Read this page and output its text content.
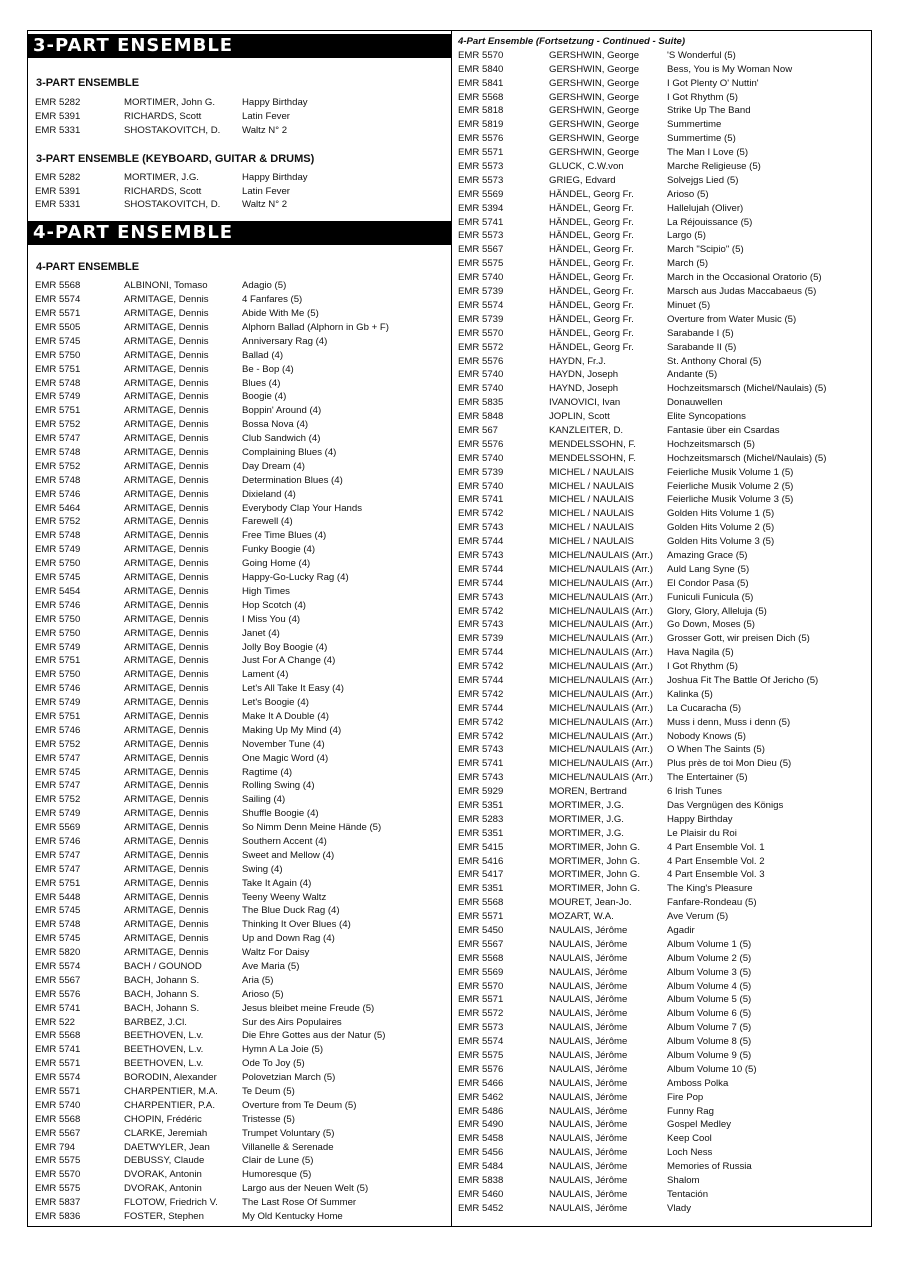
3-PART ENSEMBLE
3-PART ENSEMBLE
EMR 5282	MORTIMER, John G.	Happy Birthday
EMR 5391	RICHARDS, Scott	Latin Fever
EMR 5331	SHOSTAKOVITCH, D.	Waltz N° 2
3-PART ENSEMBLE (KEYBOARD, GUITAR & DRUMS)
EMR 5282	MORTIMER, J.G.	Happy Birthday
EMR 5391	RICHARDS, Scott	Latin Fever
EMR 5331	SHOSTAKOVITCH, D.	Waltz N° 2
4-PART ENSEMBLE
4-PART ENSEMBLE
EMR 5568	ALBINONI, Tomaso	Adagio (5)
EMR 5574	ARMITAGE, Dennis	4 Fanfares (5)
EMR 5571	ARMITAGE, Dennis	Abide With Me (5)
EMR 5505	ARMITAGE, Dennis	Alphorn Ballad (Alphorn in Gb + F)
EMR 5745	ARMITAGE, Dennis	Anniversary Rag (4)
EMR 5750	ARMITAGE, Dennis	Ballad (4)
EMR 5751	ARMITAGE, Dennis	Be - Bop (4)
EMR 5748	ARMITAGE, Dennis	Blues (4)
EMR 5749	ARMITAGE, Dennis	Boogie (4)
EMR 5751	ARMITAGE, Dennis	Boppin' Around (4)
EMR 5752	ARMITAGE, Dennis	Bossa Nova (4)
EMR 5747	ARMITAGE, Dennis	Club Sandwich (4)
EMR 5748	ARMITAGE, Dennis	Complaining Blues (4)
EMR 5752	ARMITAGE, Dennis	Day Dream (4)
EMR 5748	ARMITAGE, Dennis	Determination Blues (4)
EMR 5746	ARMITAGE, Dennis	Dixieland (4)
EMR 5464	ARMITAGE, Dennis	Everybody Clap Your Hands
EMR 5752	ARMITAGE, Dennis	Farewell (4)
EMR 5748	ARMITAGE, Dennis	Free Time Blues (4)
EMR 5749	ARMITAGE, Dennis	Funky Boogie (4)
EMR 5750	ARMITAGE, Dennis	Going Home (4)
EMR 5745	ARMITAGE, Dennis	Happy-Go-Lucky Rag (4)
EMR 5454	ARMITAGE, Dennis	High Times
EMR 5746	ARMITAGE, Dennis	Hop Scotch (4)
EMR 5750	ARMITAGE, Dennis	I Miss You (4)
EMR 5750	ARMITAGE, Dennis	Janet (4)
EMR 5749	ARMITAGE, Dennis	Jolly Boy Boogie (4)
EMR 5751	ARMITAGE, Dennis	Just For A Change (4)
EMR 5750	ARMITAGE, Dennis	Lament (4)
EMR 5746	ARMITAGE, Dennis	Let's All Take It Easy (4)
EMR 5749	ARMITAGE, Dennis	Let's Boogie (4)
EMR 5751	ARMITAGE, Dennis	Make It A Double (4)
EMR 5746	ARMITAGE, Dennis	Making Up My Mind (4)
EMR 5752	ARMITAGE, Dennis	November Tune (4)
EMR 5747	ARMITAGE, Dennis	One Magic Word (4)
EMR 5745	ARMITAGE, Dennis	Ragtime (4)
EMR 5747	ARMITAGE, Dennis	Rolling Swing (4)
EMR 5752	ARMITAGE, Dennis	Sailing (4)
EMR 5749	ARMITAGE, Dennis	Shuffle Boogie (4)
EMR 5569	ARMITAGE, Dennis	So Nimm Denn Meine Hände (5)
EMR 5746	ARMITAGE, Dennis	Southern Accent (4)
EMR 5747	ARMITAGE, Dennis	Sweet and Mellow (4)
EMR 5747	ARMITAGE, Dennis	Swing (4)
EMR 5751	ARMITAGE, Dennis	Take It Again (4)
EMR 5448	ARMITAGE, Dennis	Teeny Weeny Waltz
EMR 5745	ARMITAGE, Dennis	The Blue Duck Rag (4)
EMR 5748	ARMITAGE, Dennis	Thinking It Over Blues (4)
EMR 5745	ARMITAGE, Dennis	Up and Down Rag (4)
EMR 5820	ARMITAGE, Dennis	Waltz For Daisy
EMR 5574	BACH / GOUNOD	Ave Maria (5)
EMR 5567	BACH, Johann S.	Aria (5)
EMR 5576	BACH, Johann S.	Arioso (5)
EMR 5741	BACH, Johann S.	Jesus bleibet meine Freude (5)
EMR 522	BARBEZ, J.Cl.	Sur des Airs Populaires
EMR 5568	BEETHOVEN, L.v.	Die Ehre Gottes aus der Natur (5)
EMR 5741	BEETHOVEN, L.v.	Hymn A La Joie (5)
EMR 5571	BEETHOVEN, L.v.	Ode To Joy (5)
EMR 5574	BORODIN, Alexander	Polovetzian March (5)
EMR 5571	CHARPENTIER, M.A.	Te Deum (5)
EMR 5740	CHARPENTIER, P.A.	Overture from Te Deum (5)
EMR 5568	CHOPIN, Frédéric	Tristesse (5)
EMR 5567	CLARKE, Jeremiah	Trumpet Voluntary (5)
EMR 794	DAETWYLER, Jean	Villanelle & Serenade
EMR 5575	DEBUSSY, Claude	Clair de Lune (5)
EMR 5570	DVORAK, Antonin	Humoresque (5)
EMR 5575	DVORAK, Antonin	Largo aus der Neuen Welt (5)
EMR 5837	FLOTOW, Friedrich V.	The Last Rose Of Summer
EMR 5836	FOSTER, Stephen	My Old Kentucky Home
4-Part Ensemble (Fortsetzung - Continued - Suite)
EMR 5570	GERSHWIN, George	'S Wonderful (5)
EMR 5840	GERSHWIN, George	Bess, You is My Woman Now
EMR 5841	GERSHWIN, George	I Got Plenty O' Nuttin'
EMR 5568	GERSHWIN, George	I Got Rhythm (5)
EMR 5818	GERSHWIN, George	Strike Up The Band
EMR 5819	GERSHWIN, George	Summertime
EMR 5576	GERSHWIN, George	Summertime (5)
EMR 5571	GERSHWIN, George	The Man I Love (5)
EMR 5573	GLUCK, C.W.von	Marche Religieuse (5)
EMR 5573	GRIEG, Edvard	Solvejgs Lied (5)
EMR 5569	HÄNDEL, Georg Fr.	Arioso (5)
EMR 5394	HÄNDEL, Georg Fr.	Hallelujah (Oliver)
EMR 5741	HÄNDEL, Georg Fr.	La Réjouissance (5)
EMR 5573	HÄNDEL, Georg Fr.	Largo (5)
EMR 5567	HÄNDEL, Georg Fr.	March "Scipio" (5)
EMR 5575	HÄNDEL, Georg Fr.	March (5)
EMR 5740	HÄNDEL, Georg Fr.	March in the Occasional Oratorio (5)
EMR 5739	HÄNDEL, Georg Fr.	Marsch aus Judas Maccabaeus (5)
EMR 5574	HÄNDEL, Georg Fr.	Minuet (5)
EMR 5739	HÄNDEL, Georg Fr.	Overture from Water Music (5)
EMR 5570	HÄNDEL, Georg Fr.	Sarabande I (5)
EMR 5572	HÄNDEL, Georg Fr.	Sarabande II (5)
EMR 5576	HAYDN, Fr.J.	St. Anthony Choral (5)
EMR 5740	HAYDN, Joseph	Andante (5)
EMR 5740	HAYND, Joseph	Hochzeitsmarsch (Michel/Naulais) (5)
EMR 5835	IVANOVICI, Ivan	Donauwellen
EMR 5848	JOPLIN, Scott	Elite Syncopations
EMR 567	KANZLEITER, D.	Fantasie über ein Csardas
EMR 5576	MENDELSSOHN, F.	Hochzeitsmarsch (5)
EMR 5740	MENDELSSOHN, F.	Hochzeitsmarsch (Michel/Naulais) (5)
EMR 5739	MICHEL / NAULAIS	Feierliche Musik Volume 1 (5)
EMR 5740	MICHEL / NAULAIS	Feierliche Musik Volume 2 (5)
EMR 5741	MICHEL / NAULAIS	Feierliche Musik Volume 3 (5)
EMR 5742	MICHEL / NAULAIS	Golden Hits Volume 1 (5)
EMR 5743	MICHEL / NAULAIS	Golden Hits Volume 2 (5)
EMR 5744	MICHEL / NAULAIS	Golden Hits Volume 3 (5)
EMR 5743	MICHEL/NAULAIS (Arr.)	Amazing Grace (5)
EMR 5744	MICHEL/NAULAIS (Arr.)	Auld Lang Syne (5)
EMR 5744	MICHEL/NAULAIS (Arr.)	El Condor Pasa (5)
EMR 5743	MICHEL/NAULAIS (Arr.)	Funiculi Funicula (5)
EMR 5742	MICHEL/NAULAIS (Arr.)	Glory, Glory, Alleluja (5)
EMR 5743	MICHEL/NAULAIS (Arr.)	Go Down, Moses (5)
EMR 5739	MICHEL/NAULAIS (Arr.)	Grosser Gott, wir preisen Dich (5)
EMR 5744	MICHEL/NAULAIS (Arr.)	Hava Nagila (5)
EMR 5742	MICHEL/NAULAIS (Arr.)	I Got Rhythm (5)
EMR 5744	MICHEL/NAULAIS (Arr.)	Joshua Fit The Battle Of Jericho (5)
EMR 5742	MICHEL/NAULAIS (Arr.)	Kalinka (5)
EMR 5744	MICHEL/NAULAIS (Arr.)	La Cucaracha (5)
EMR 5742	MICHEL/NAULAIS (Arr.)	Muss i denn, Muss i denn (5)
EMR 5742	MICHEL/NAULAIS (Arr.)	Nobody Knows (5)
EMR 5743	MICHEL/NAULAIS (Arr.)	O When The Saints (5)
EMR 5741	MICHEL/NAULAIS (Arr.)	Plus près de toi Mon Dieu (5)
EMR 5743	MICHEL/NAULAIS (Arr.)	The Entertainer (5)
EMR 5929	MOREN, Bertrand	6 Irish Tunes
EMR 5351	MORTIMER, J.G.	Das Vergnügen des Königs
EMR 5283	MORTIMER, J.G.	Happy Birthday
EMR 5351	MORTIMER, J.G.	Le Plaisir du Roi
EMR 5415	MORTIMER, John G.	4 Part Ensemble Vol. 1
EMR 5416	MORTIMER, John G.	4 Part Ensemble Vol. 2
EMR 5417	MORTIMER, John G.	4 Part Ensemble Vol. 3
EMR 5351	MORTIMER, John G.	The King's Pleasure
EMR 5568	MOURET, Jean-Jo.	Fanfare-Rondeau (5)
EMR 5571	MOZART, W.A.	Ave Verum (5)
EMR 5450	NAULAIS, Jérôme	Agadir
EMR 5567	NAULAIS, Jérôme	Album Volume 1 (5)
EMR 5568	NAULAIS, Jérôme	Album Volume 2 (5)
EMR 5569	NAULAIS, Jérôme	Album Volume 3 (5)
EMR 5570	NAULAIS, Jérôme	Album Volume 4 (5)
EMR 5571	NAULAIS, Jérôme	Album Volume 5 (5)
EMR 5572	NAULAIS, Jérôme	Album Volume 6 (5)
EMR 5573	NAULAIS, Jérôme	Album Volume 7 (5)
EMR 5574	NAULAIS, Jérôme	Album Volume 8 (5)
EMR 5575	NAULAIS, Jérôme	Album Volume 9 (5)
EMR 5576	NAULAIS, Jérôme	Album Volume 10 (5)
EMR 5466	NAULAIS, Jérôme	Amboss Polka
EMR 5462	NAULAIS, Jérôme	Fire Pop
EMR 5486	NAULAIS, Jérôme	Funny Rag
EMR 5490	NAULAIS, Jérôme	Gospel Medley
EMR 5458	NAULAIS, Jérôme	Keep Cool
EMR 5456	NAULAIS, Jérôme	Loch Ness
EMR 5484	NAULAIS, Jérôme	Memories of Russia
EMR 5838	NAULAIS, Jérôme	Shalom
EMR 5460	NAULAIS, Jérôme	Tentación
EMR 5452	NAULAIS, Jérôme	Vlady
